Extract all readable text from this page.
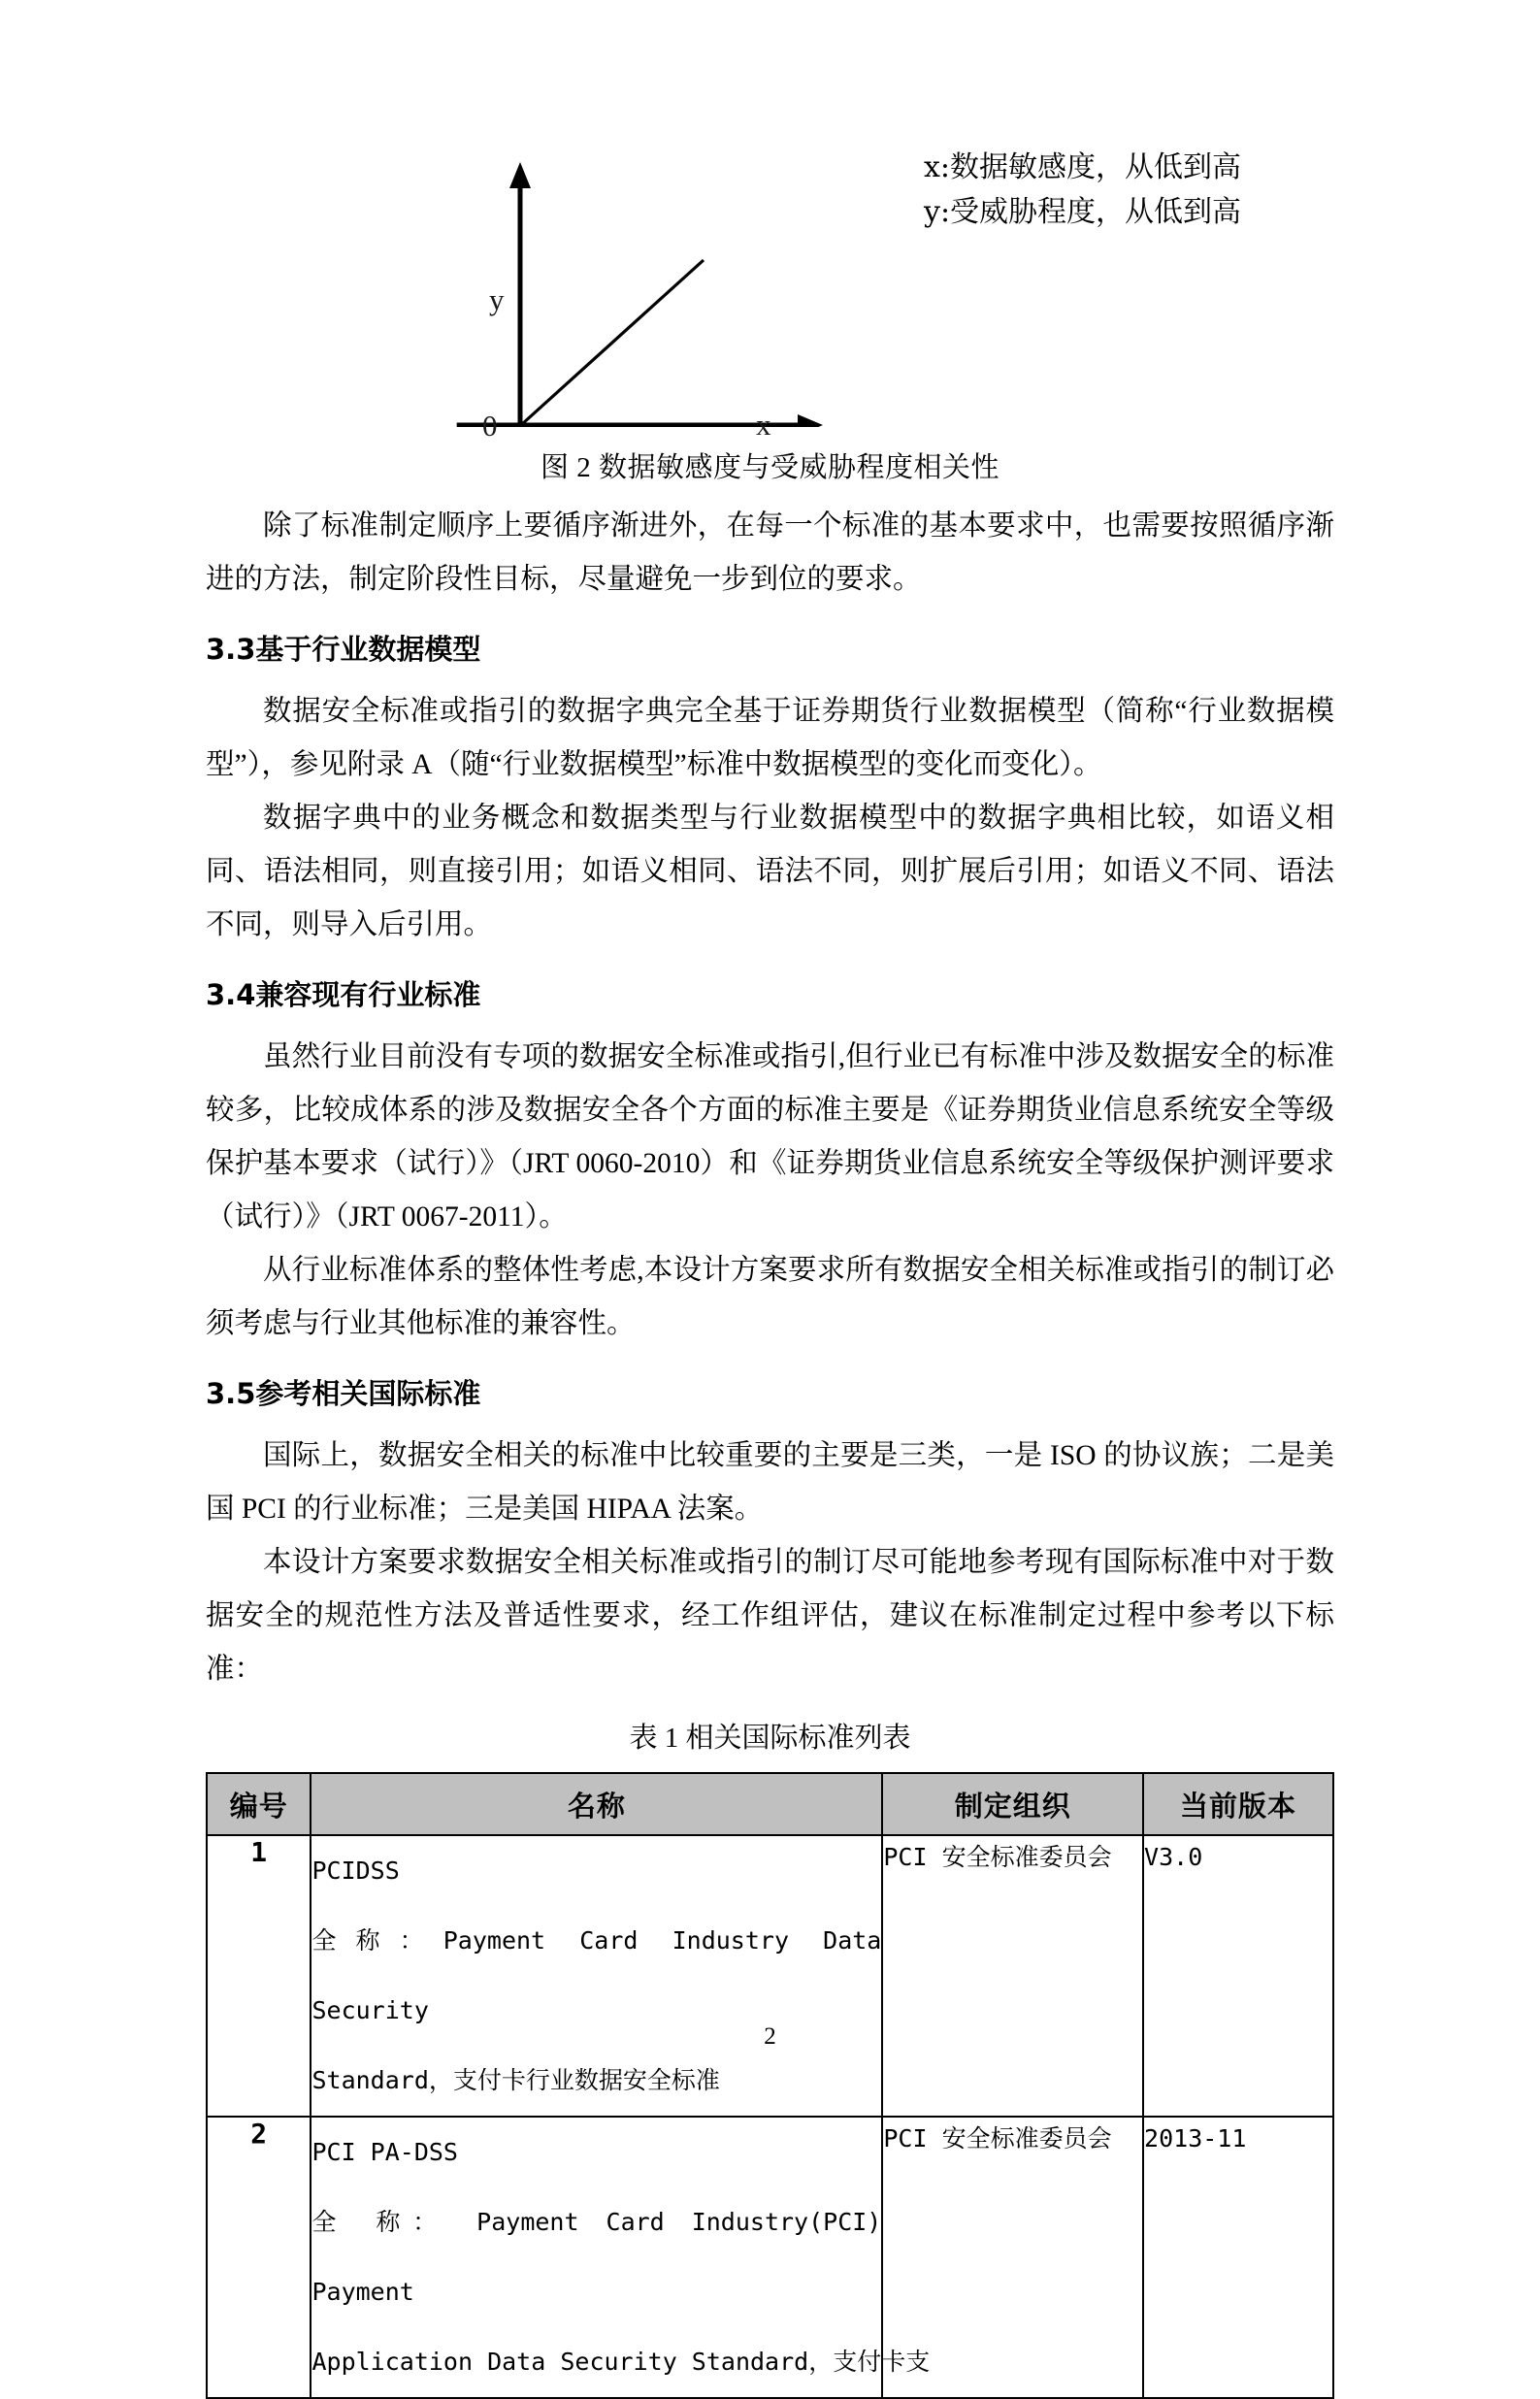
y
x
0
x:数据敏感度，从低到高
y:受威胁程度，从低到高
图 2 数据敏感度与受威胁程度相关性

除了标准制定顺序上要循序渐进外，在每一个标准的基本要求中，也需要按照循序渐进的方法，制定阶段性目标，尽量避免一步到位的要求。

3.3基于行业数据模型

数据安全标准或指引的数据字典完全基于证券期货行业数据模型（简称“行业数据模型”），参见附录 A（随“行业数据模型”标准中数据模型的变化而变化）。

数据字典中的业务概念和数据类型与行业数据模型中的数据字典相比较，如语义相同、语法相同，则直接引用；如语义相同、语法不同，则扩展后引用；如语义不同、语法不同，则导入后引用。

3.4兼容现有行业标准

虽然行业目前没有专项的数据安全标准或指引,但行业已有标准中涉及数据安全的标准较多，比较成体系的涉及数据安全各个方面的标准主要是《证券期货业信息系统安全等级保护基本要求（试行）》（JRT 0060-2010）和《证券期货业信息系统安全等级保护测评要求（试行）》（JRT 0067-2011）。

从行业标准体系的整体性考虑,本设计方案要求所有数据安全相关标准或指引的制订必须考虑与行业其他标准的兼容性。

3.5参考相关国际标准

国际上，数据安全相关的标准中比较重要的主要是三类，一是 ISO 的协议族；二是美国 PCI 的行业标准；三是美国 HIPAA 法案。

本设计方案要求数据安全相关标准或指引的制订尽可能地参考现有国际标准中对于数据安全的规范性方法及普适性要求，经工作组评估，建议在标准制定过程中参考以下标准：

表 1 相关国际标准列表
编号	名称	制定组织	当前版本
1	PCIDSS
全称：Payment Card Industry Data Security
Standard，支付卡行业数据安全标准	PCI 安全标准委员会	V3.0
2	PCI PA-DSS
全 称： Payment Card Industry(PCI) Payment
Application Data Security Standard，支付卡支	PCI 安全标准委员会	2013-11
2
